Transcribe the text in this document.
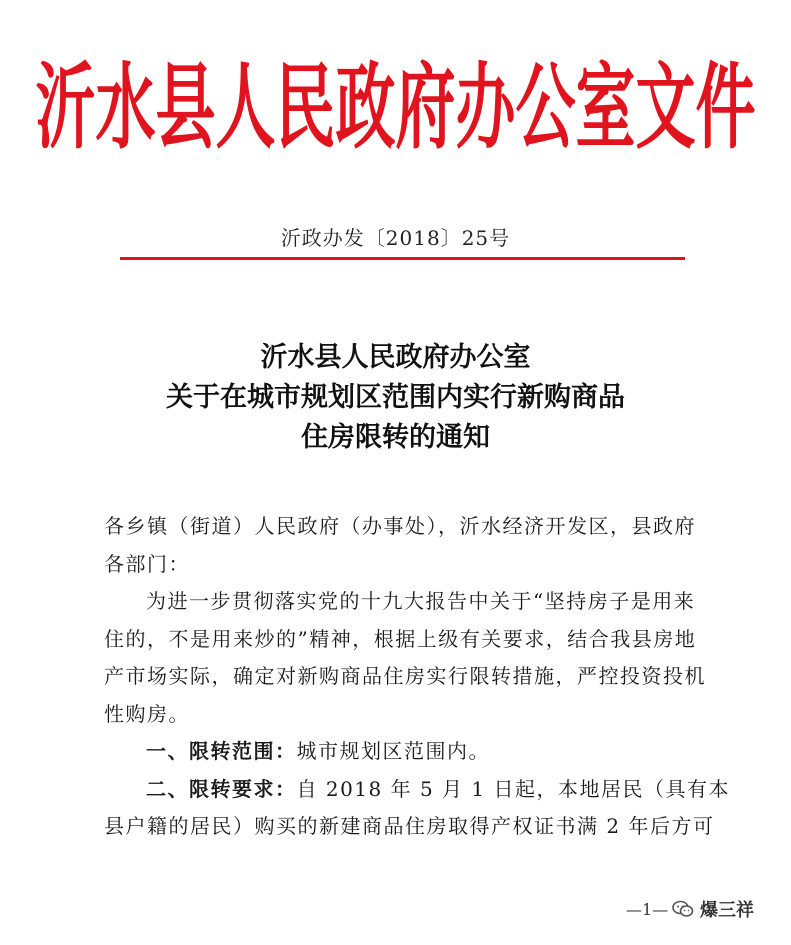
沂水县人民政府办公室文件
沂政办发〔2018〕25号
沂水县人民政府办公室
关于在城市规划区范围内实行新购商品
住房限转的通知
各乡镇（街道）人民政府（办事处），沂水经济开发区，县政府
各部门：
为进一步贯彻落实党的十九大报告中关于“坚持房子是用来
住的，不是用来炒的”精神，根据上级有关要求，结合我县房地
产市场实际，确定对新购商品住房实行限转措施，严控投资投机
性购房。
一、限转范围：城市规划区范围内。
二、限转要求：自 2018 年 5 月 1 日起，本地居民（具有本
县户籍的居民）购买的新建商品住房取得产权证书满 2 年后方可
—1— 爆三祥
